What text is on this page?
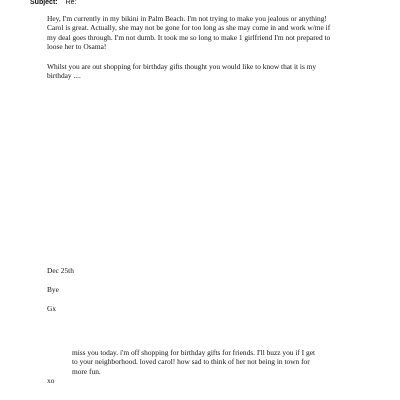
Subject: Re:
Hey, I'm currently in my bikini in Palm Beach. I'm not trying to make you jealous or anything!
Carol is great. Actually, she may not be gone for too long as she may come in and work w/me if
my deal goes through. I'm not dumb. It took me so long to make 1 girlfriend I'm not prepared to
loose her to Osama!
Whilst you are out shopping for birthday gifts thought you would like to know that it is my
birthday ....
Dec 25th
Bye
Gx
miss you today. i'm off shopping for birthday gifts for friends. I'll buzz you if I get
to your neighborhood. loved carol! how sad to think of her not being in town for
more fun.
xo
